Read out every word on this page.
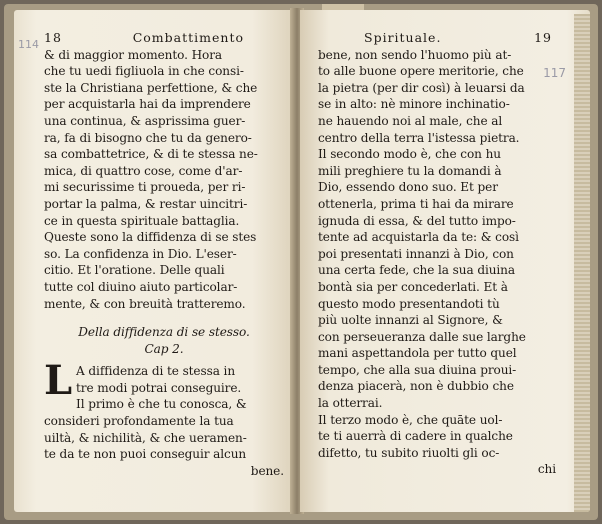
114 18	Combattimento
& di maggior momento. Hora
che tu uedi figliuola in che consi-
ste la Christiana perfettione, & che
per acquistarla hai da imprendere
una continua, & asprissima guer-
ra, fa di bisogno che tu da genero-
sa combattetrice, & di te stessa ne-
mica, di quattro cose, come d'ar-
mi securissime ti proueda, per ri-
portar la palma, & restar uincitri-
ce in questa spirituale battaglia.
Queste sono la diffidenza di se stes
so. La confidenza in Dio. L'eser-
citio. Et l'oratione. Delle quali
tutte col diuino aiuto particolar-
mente, & con breuità tratteremo.
Della diffidenza di se stesso.
Cap 2.
L A diffidenza di te stessa in
tre modi potrai conseguire.
Il primo è che tu conosca, &
consideri profondamente la tua
uiltà, & nichilità, & che ueramen-
te da te non puoi conseguir alcun
bene.
117
Spirituale.	19
bene, non sendo l'huomo più at-
to alle buone opere meritorie, che
la pietra (per dir così) à leuarsi da
se in alto: nè minore inchinatio-
ne hauendo noi al male, che al
centro della terra l'istessa pietra.
Il secondo modo è, che con hu
mili preghiere tu la domandi à
Dio, essendo dono suo. Et per
ottenerla, prima ti hai da mirare
ignuda di essa, & del tutto impo-
tente ad acquistarla da te: & così
poi presentati innanzi à Dio, con
una certa fede, che la sua diuina
bontà sia per concederlati. Et à
questo modo presentandoti tù
più uolte innanzi al Signore, &
con perseueranza dalle sue larghe
mani aspettandola per tutto quel
tempo, che alla sua diuina proui-
denza piacerà, non è dubbio che
la otterrai.
Il terzo modo è, che quāte uol-
te ti auerrà di cadere in qualche
difetto, tu subito riuolti gli oc-
chi
